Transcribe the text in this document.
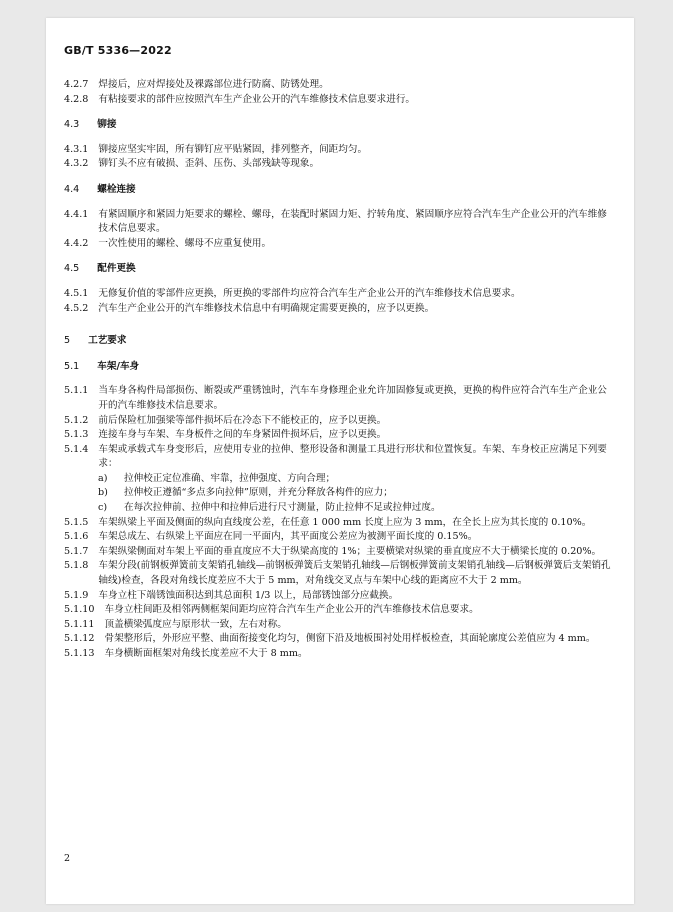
GB/T 5336—2022
4.2.7 焊接后，应对焊接处及裸露部位进行防腐、防锈处理。
4.2.8 有粘接要求的部件应按照汽车生产企业公开的汽车维修技术信息要求进行。
4.3 铆接
4.3.1 铆接应坚实牢固，所有铆钉应平贴紧固，排列整齐，间距均匀。
4.3.2 铆钉头不应有破损、歪斜、压伤、头部残缺等现象。
4.4 螺栓连接
4.4.1 有紧固顺序和紧固力矩要求的螺栓、螺母，在装配时紧固力矩、拧转角度、紧固顺序应符合汽车生产企业公开的汽车维修技术信息要求。
4.4.2 一次性使用的螺栓、螺母不应重复使用。
4.5 配件更换
4.5.1 无修复价值的零部件应更换，所更换的零部件均应符合汽车生产企业公开的汽车维修技术信息要求。
4.5.2 汽车生产企业公开的汽车维修技术信息中有明确规定需要更换的，应予以更换。
5 工艺要求
5.1 车架/车身
5.1.1 当车身各构件局部损伤、断裂或严重锈蚀时，汽车车身修理企业允许加固修复或更换，更换的构件应符合汽车生产企业公开的汽车维修技术信息要求。
5.1.2 前后保险杠加强梁等部件损坏后在冷态下不能校正的，应予以更换。
5.1.3 连接车身与车架、车身板件之间的车身紧固件损坏后，应予以更换。
5.1.4 车架或承载式车身变形后，应使用专业的拉伸、整形设备和测量工具进行形状和位置恢复。车架、车身校正应满足下列要求：
a)	拉伸校正定位准确、牢靠，拉伸强度、方向合理；
b)	拉伸校正遵循“多点多向拉伸”原则，并充分释放各构件的应力；
c)	在每次拉伸前、拉伸中和拉伸后进行尺寸测量，防止拉伸不足或拉伸过度。
5.1.5 车架纵梁上平面及侧面的纵向直线度公差，在任意 1 000 mm 长度上应为 3 mm，在全长上应为其长度的 0.10%。
5.1.6 车架总成左、右纵梁上平面应在同一平面内，其平面度公差应为被测平面长度的 0.15%。
5.1.7 车架纵梁侧面对车架上平面的垂直度应不大于纵梁高度的 1%；主要横梁对纵梁的垂直度应不大于横梁长度的 0.20%。
5.1.8 车架分段(前钢板弹簧前支架销孔轴线—前钢板弹簧后支架销孔轴线—后钢板弹簧前支架销孔轴线—后钢板弹簧后支架销孔轴线)检查，各段对角线长度差应不大于 5 mm，对角线交叉点与车架中心线的距离应不大于 2 mm。
5.1.9 车身立柱下端锈蚀面积达到其总面积 1/3 以上，局部锈蚀部分应截换。
5.1.10 车身立柱间距及相邻两侧框架间距均应符合汽车生产企业公开的汽车维修技术信息要求。
5.1.11 顶盖横梁弧度应与原形状一致，左右对称。
5.1.12 骨架整形后，外形应平整、曲面衔接变化均匀，侧窗下沿及地板围衬处用样板检查，其面轮廓度公差值应为 4 mm。
5.1.13 车身横断面框架对角线长度差应不大于 8 mm。
2
